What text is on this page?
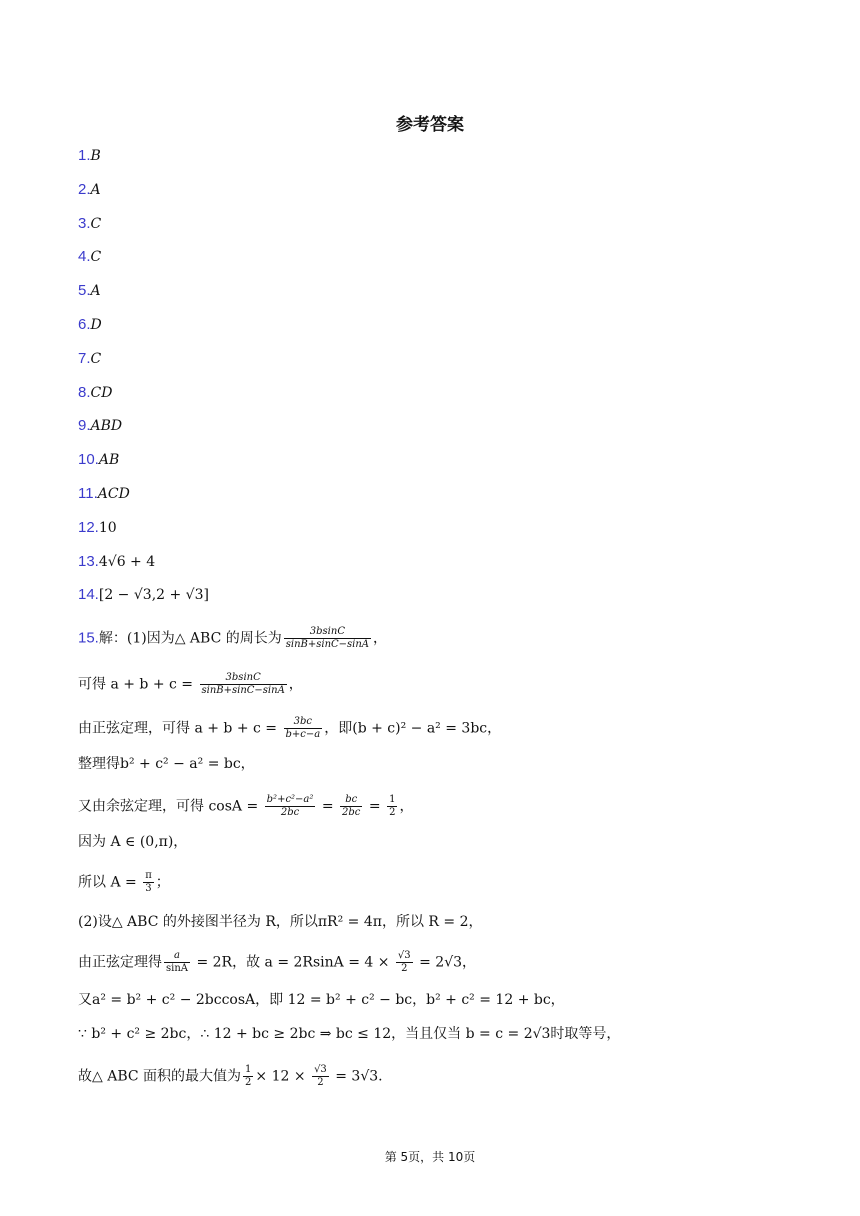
参考答案
1.B
2.A
3.C
4.C
5.A
6.D
7.C
8.CD
9.ABD
10.AB
11.ACD
12.10
13.4√6 + 4
14.[2 − √3,2 + √3]
15.解：(1)因为△ ABC 的周长为 $\frac{3bsinC}{\sin B+\sin C-\sin A}$ ，
可得 $a + b + c = \frac{3bsinC}{\sin B+\sin C-\sin A}$ ，
由正弦定理，可得 $a + b + c = \frac{3bc}{b+c-a}$ ，即(b + c)² − a² = 3bc，
整理得b² + c² − a² = bc，
又由余弦定理，可得 $\cos A = \frac{\text{b²+c²−a²}}{2bc} = \frac{bc}{2bc} = \frac{1}{2}$ ，
因为 A ∈ (0,π)，
所以 $A = \frac{\pi}{3}$ ；
(2)设△ ABC 的外接图半径为 R，所以πR² = 4π，所以 R = 2，
由正弦定理得 $\frac{a}{\sin A} = 2R$，故 $a = 2RsinA = 4 \times \frac{√3}{2} = 2√3$，
又a² = b² + c² − 2bccosA，即 12 = b² + c² − bc，b² + c² = 12 + bc，
∵ b² + c² ≥ 2bc，∴ 12 + bc ≥ 2bc ⇒ bc ≤ 12，当且仅当 b = c = 2√3时取等号，
故△ ABC 面积的最大值为 $\frac{1}{2} \times 12 \times \frac{√3}{2} = 3√3$.
第 5页，共 10页
